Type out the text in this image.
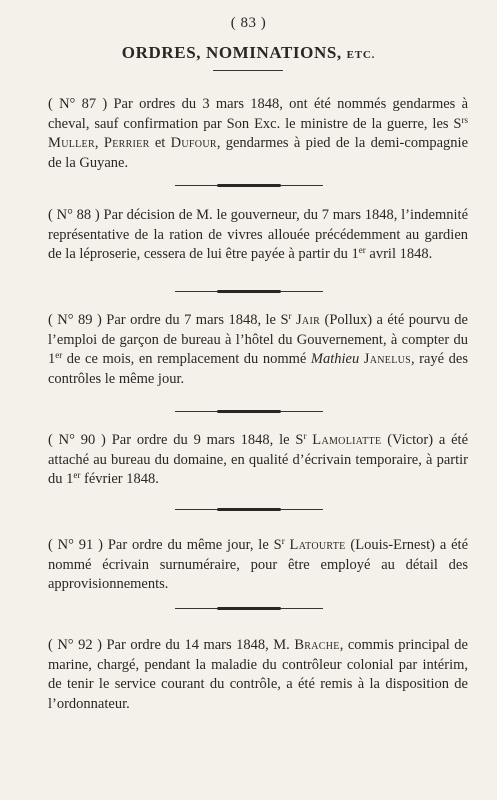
( 83 )
ORDRES, NOMINATIONS, ETC.
( N° 87 ) Par ordres du 3 mars 1848, ont été nommés gendarmes à cheval, sauf confirmation par Son Exc. le ministre de la guerre, les $S^{rs}$ Muller, Perrier et Dufour, gendarmes à pied de la demi-compagnie de la Guyane.
( N° 88 ) Par décision de M. le gouverneur, du 7 mars 1848, l’indemnité représentative de la ration de vivres allouée précédemment au gardien de la léproserie, cessera de lui être payée à partir du 1er avril 1848.
( N° 89 ) Par ordre du 7 mars 1848, le $S^r$ Jair (Pollux) a été pourvu de l’emploi de garçon de bureau à l’hôtel du Gouvernement, à compter du 1er de ce mois, en remplacement du nommé Mathieu Janelus, rayé des contrôles le même jour.
( N° 90 ) Par ordre du 9 mars 1848, le $S^r$ Lamoliatte (Victor) a été attaché au bureau du domaine, en qualité d’écrivain temporaire, à partir du 1er février 1848.
( N° 91 ) Par ordre du même jour, le $S^r$ Latourte (Louis-Ernest) a été nommé écrivain surnuméraire, pour être employé au détail des approvisionnements.
( N° 92 ) Par ordre du 14 mars 1848, M. Brache, commis principal de marine, chargé, pendant la maladie du contrôleur colonial par intérim, de tenir le service courant du contrôle, a été remis à la disposition de l’ordonnateur.
